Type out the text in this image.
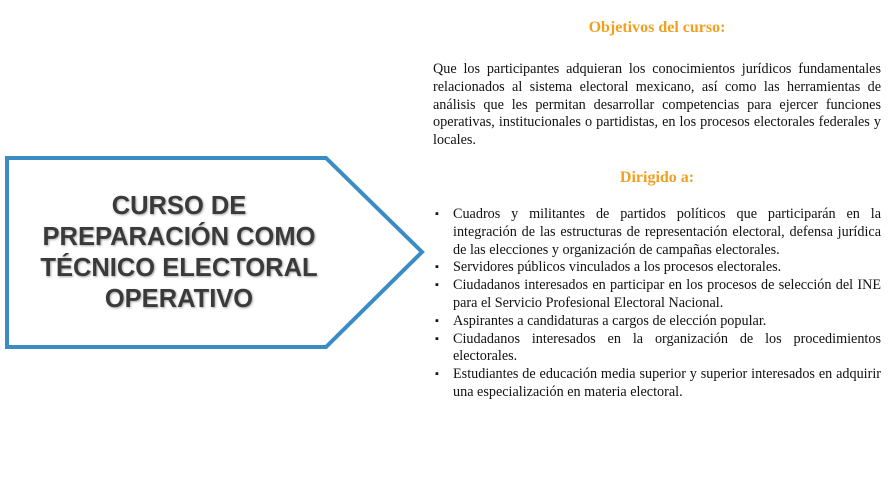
CURSO DE
PREPARACIÓN COMO
TÉCNICO ELECTORAL
OPERATIVO
Objetivos del curso:

Que los participantes adquieran los conocimientos jurídicos fundamentales relacionados al sistema electoral mexicano, así como las herramientas de análisis que les permitan desarrollar competencias para ejercer funciones operativas, institucionales o partidistas, en los procesos electorales federales y locales.

Dirigido a:
▪ Cuadros y militantes de partidos políticos que participarán en la integración de las estructuras de representación electoral, defensa jurídica de las elecciones y organización de campañas electorales.
▪ Servidores públicos vinculados a los procesos electorales.
▪ Ciudadanos interesados en participar en los procesos de selección del INE para el Servicio Profesional Electoral Nacional.
▪ Aspirantes a candidaturas a cargos de elección popular.
▪ Ciudadanos interesados en la organización de los procedimientos electorales.
▪ Estudiantes de educación media superior y superior interesados en adquirir una especialización en materia electoral.
